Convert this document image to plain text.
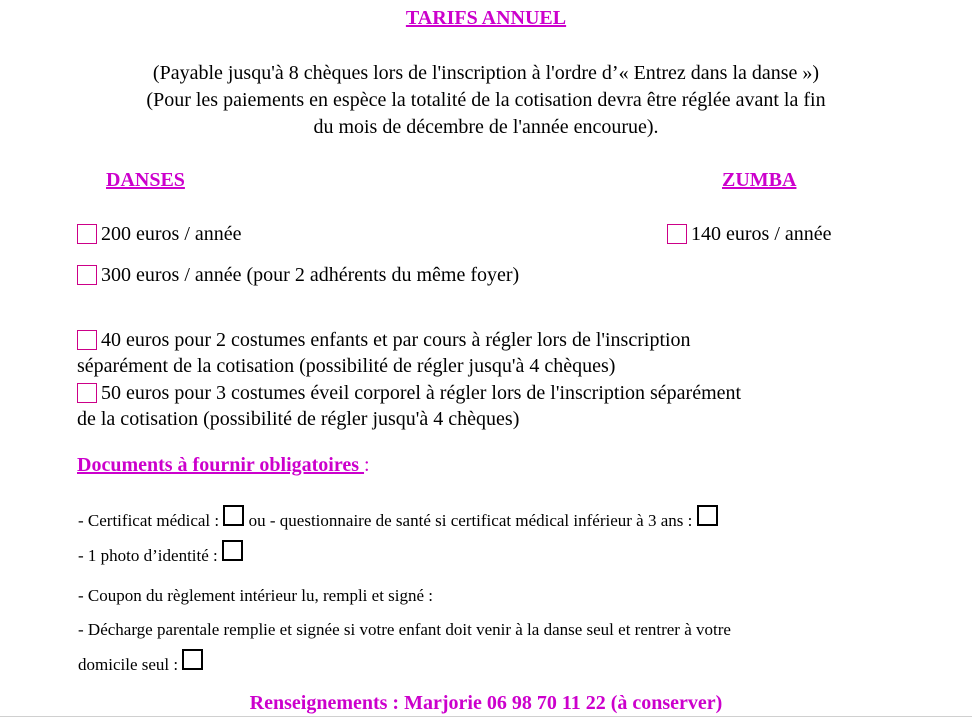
TARIFS ANNUEL
(Payable jusqu'à 8 chèques lors de l'inscription à l'ordre d’« Entrez dans la danse »)
(Pour les paiements en espèce la totalité de la cotisation devra être réglée avant la fin
du mois de décembre de l'année encourue).
DANSES	ZUMBA
200 euros / année	140 euros / année
300 euros / année (pour 2 adhérents du même foyer)
40 euros pour 2 costumes enfants et par cours à régler lors de l'inscription
séparément de la cotisation (possibilité de régler jusqu'à 4 chèques)
50 euros pour 3 costumes éveil corporel à régler lors de l'inscription séparément
de la cotisation (possibilité de régler jusqu'à 4 chèques)
Documents à fournir obligatoires :
- Certificat médical : ou - questionnaire de santé si certificat médical inférieur à 3 ans :
- 1 photo d’identité :
- Coupon du règlement intérieur lu, rempli et signé :
- Décharge parentale remplie et signée si votre enfant doit venir à la danse seul et rentrer à votre
domicile seul :
Renseignements : Marjorie 06 98 70 11 22 (à conserver)
